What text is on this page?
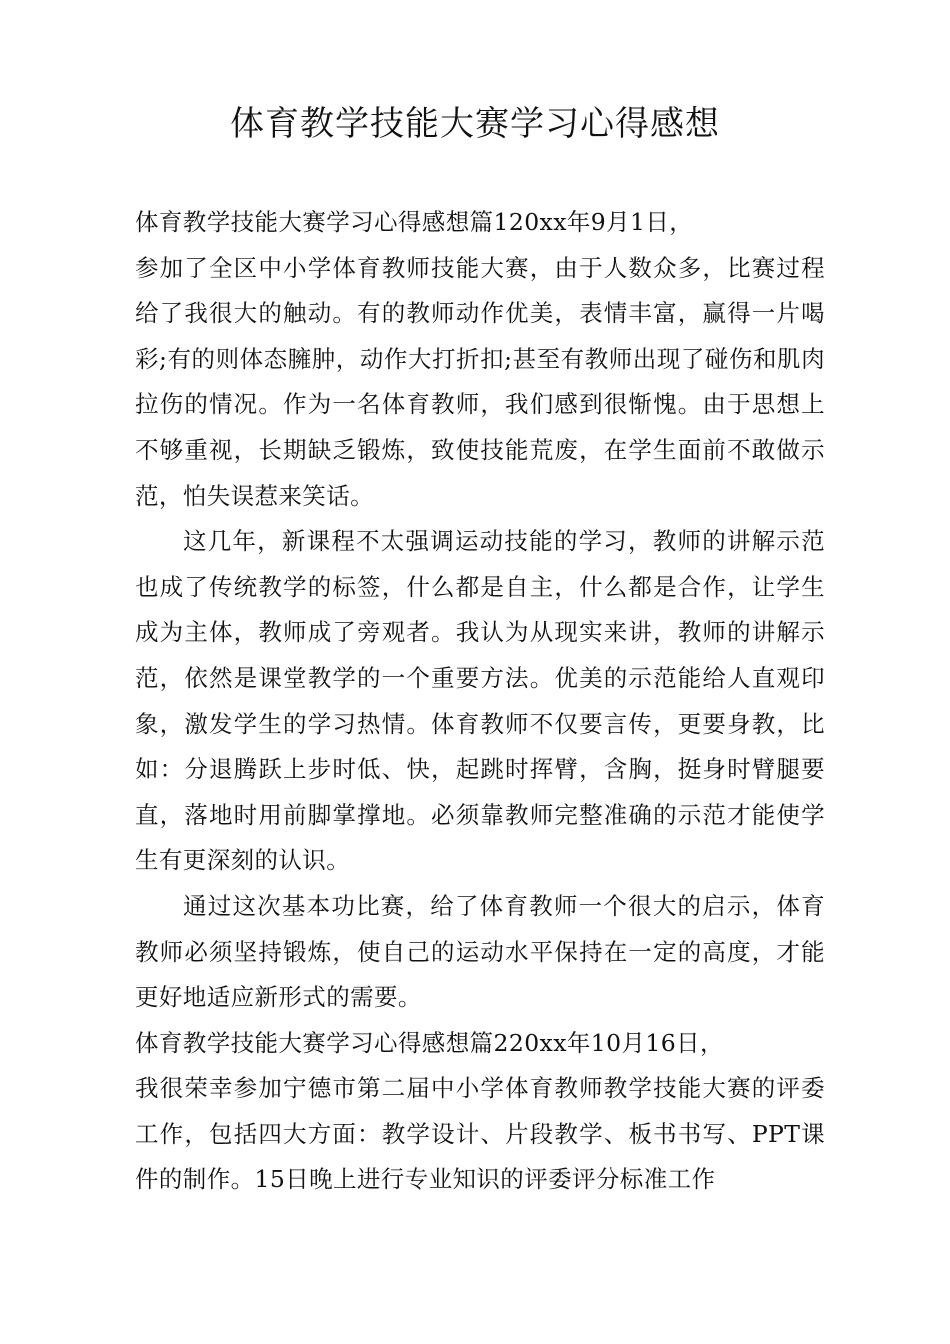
体育教学技能大赛学习心得感想

体育教学技能大赛学习心得感想篇120xx年9月1日，

参加了全区中小学体育教师技能大赛，由于人数众多，比赛过程给了我很大的触动。有的教师动作优美，表情丰富，赢得一片喝彩;有的则体态臃肿，动作大打折扣;甚至有教师出现了碰伤和肌肉拉伤的情况。作为一名体育教师，我们感到很惭愧。由于思想上不够重视，长期缺乏锻炼，致使技能荒废，在学生面前不敢做示范，怕失误惹来笑话。

这几年，新课程不太强调运动技能的学习，教师的讲解示范也成了传统教学的标签，什么都是自主，什么都是合作，让学生成为主体，教师成了旁观者。我认为从现实来讲，教师的讲解示范，依然是课堂教学的一个重要方法。优美的示范能给人直观印象，激发学生的学习热情。体育教师不仅要言传，更要身教，比如：分退腾跃上步时低、快，起跳时挥臂，含胸，挺身时臂腿要直，落地时用前脚掌撑地。必须靠教师完整准确的示范才能使学生有更深刻的认识。

通过这次基本功比赛，给了体育教师一个很大的启示，体育教师必须坚持锻炼，使自己的运动水平保持在一定的高度，才能更好地适应新形式的需要。

体育教学技能大赛学习心得感想篇220xx年10月16日，

我很荣幸参加宁德市第二届中小学体育教师教学技能大赛的评委工作，包括四大方面：教学设计、片段教学、板书书写、PPT课件的制作。15日晚上进行专业知识的评委评分标准工作
